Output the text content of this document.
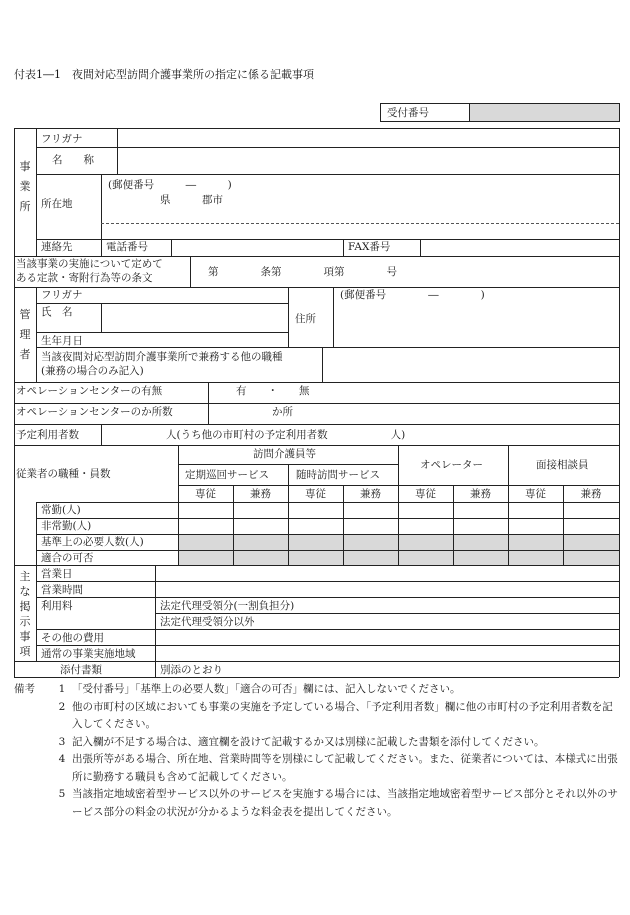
付表1―1　夜間対応型訪問介護事業所の指定に係る記載事項
受付番号
事
業
所
フリガナ
名　　称
所在地
(郵便番号　　　―　　　)
県　　　郡市
連絡先	電話番号	FAX番号
当該事業の実施について定めて
ある定款・寄附行為等の条文	第　　　　条第　　　　項第　　　　号
管
理
者
フリガナ
氏　名
住所
(郵便番号　　　　―　　　　)
生年月日
当該夜間対応型訪問介護事業所で兼務する他の職種
(兼務の場合のみ記入)
オペレーションセンターの有無	有　　・　　無
オペレーションセンターのか所数	か所
予定利用者数	人(うち他の市町村の予定利用者数　　　　　　人)
従業者の職種・員数
訪問介護員等
定期巡回サービス	随時訪問サービス
オペレーター	面接相談員
専従	兼務	専従	兼務	専従	兼務	専従	兼務
常勤(人)
非常勤(人)
基準上の必要人数(人)
適合の可否
主
な
掲
示
事
項
営業日
営業時間
利用料	法定代理受領分(一割負担分)
法定代理受領分以外
その他の費用
通常の事業実施地域
添付書類	別添のとおり
備考	1 「受付番号」「基準上の必要人数」「適合の可否」欄には、記入しないでください。
2 他の市町村の区域においても事業の実施を予定している場合、「予定利用者数」欄に他の市町村の予定利用者数を記入してください。
3 記入欄が不足する場合は、適宜欄を設けて記載するか又は別様に記載した書類を添付してください。
4 出張所等がある場合、所在地、営業時間等を別様にして記載してください。また、従業者については、本様式に出張所に勤務する職員も含めて記載してください。
5 当該指定地域密着型サービス以外のサービスを実施する場合には、当該指定地域密着型サービス部分とそれ以外のサービス部分の料金の状況が分かるような料金表を提出してください。
